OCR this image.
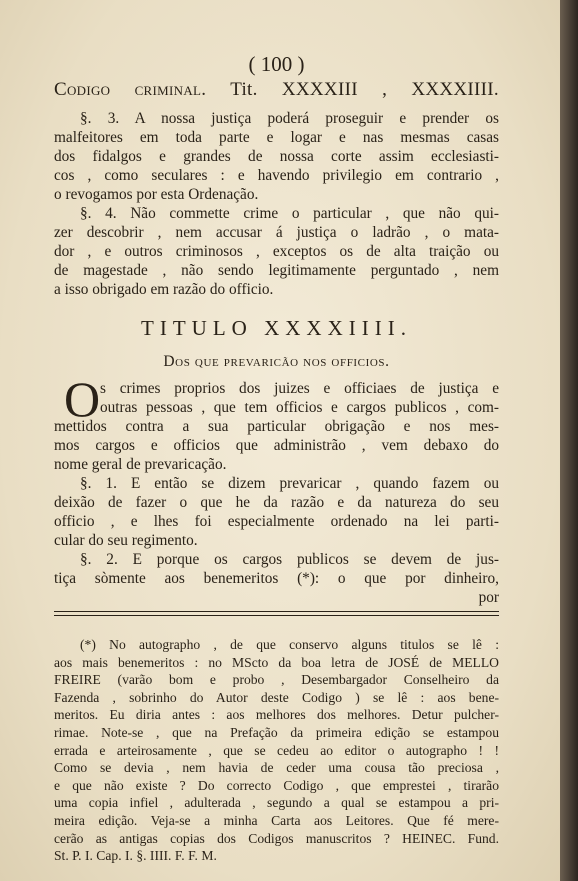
( 100 )
Codigo criminal. Tit. XXXXIII , XXXXIIII.

§. 3. A nossa justiça poderá proseguir e prender os

malfeitores em toda parte e logar e nas mesmas casas

dos fidalgos e grandes de nossa corte assim ecclesiasti-

cos , como seculares : e havendo privilegio em contrario ,

o revogamos por esta Ordenação.

§. 4. Não commette crime o particular , que não qui-

zer descobrir , nem accusar á justiça o ladrão , o mata-

dor , e outros criminosos , exceptos os de alta traição ou

de magestade , não sendo legitimamente perguntado , nem

a isso obrigado em razão do officio.

TITULO XXXXIIII.
Dos que prevaricão nos officios.
O s crimes proprios dos juizes e officiaes de justiça e

outras pessoas , que tem officios e cargos publicos , com-

mettidos contra a sua particular obrigação e nos mes-

mos cargos e officios que administrão , vem debaxo do

nome geral de prevaricação.

§. 1. E então se dizem prevaricar , quando fazem ou

deixão de fazer o que he da razão e da natureza do seu

officio , e lhes foi especialmente ordenado na lei parti-

cular do seu regimento.

§. 2. E porque os cargos publicos se devem de jus-

tiça sòmente aos benemeritos (*): o que por dinheiro,

por

(*) No autographo , de que conservo alguns titulos se lê :

aos mais benemeritos : no MScto da boa letra de JOSÉ de MELLO

FREIRE (varão bom e probo , Desembargador Conselheiro da

Fazenda , sobrinho do Autor deste Codigo ) se lê : aos bene-

meritos. Eu diria antes : aos melhores dos melhores. Detur pulcher-

rimae. Note-se , que na Prefação da primeira edição se estampou

errada e arteirosamente , que se cedeu ao editor o autographo ! !

Como se devia , nem havia de ceder uma cousa tão preciosa ,

e que não existe ? Do correcto Codigo , que emprestei , tirarão

uma copia infiel , adulterada , segundo a qual se estampou a pri-

meira edição. Veja-se a minha Carta aos Leitores. Que fé mere-

cerão as antigas copias dos Codigos manuscritos ? HEINEC. Fund.

St. P. I. Cap. I. §. IIII. F. F. M.
